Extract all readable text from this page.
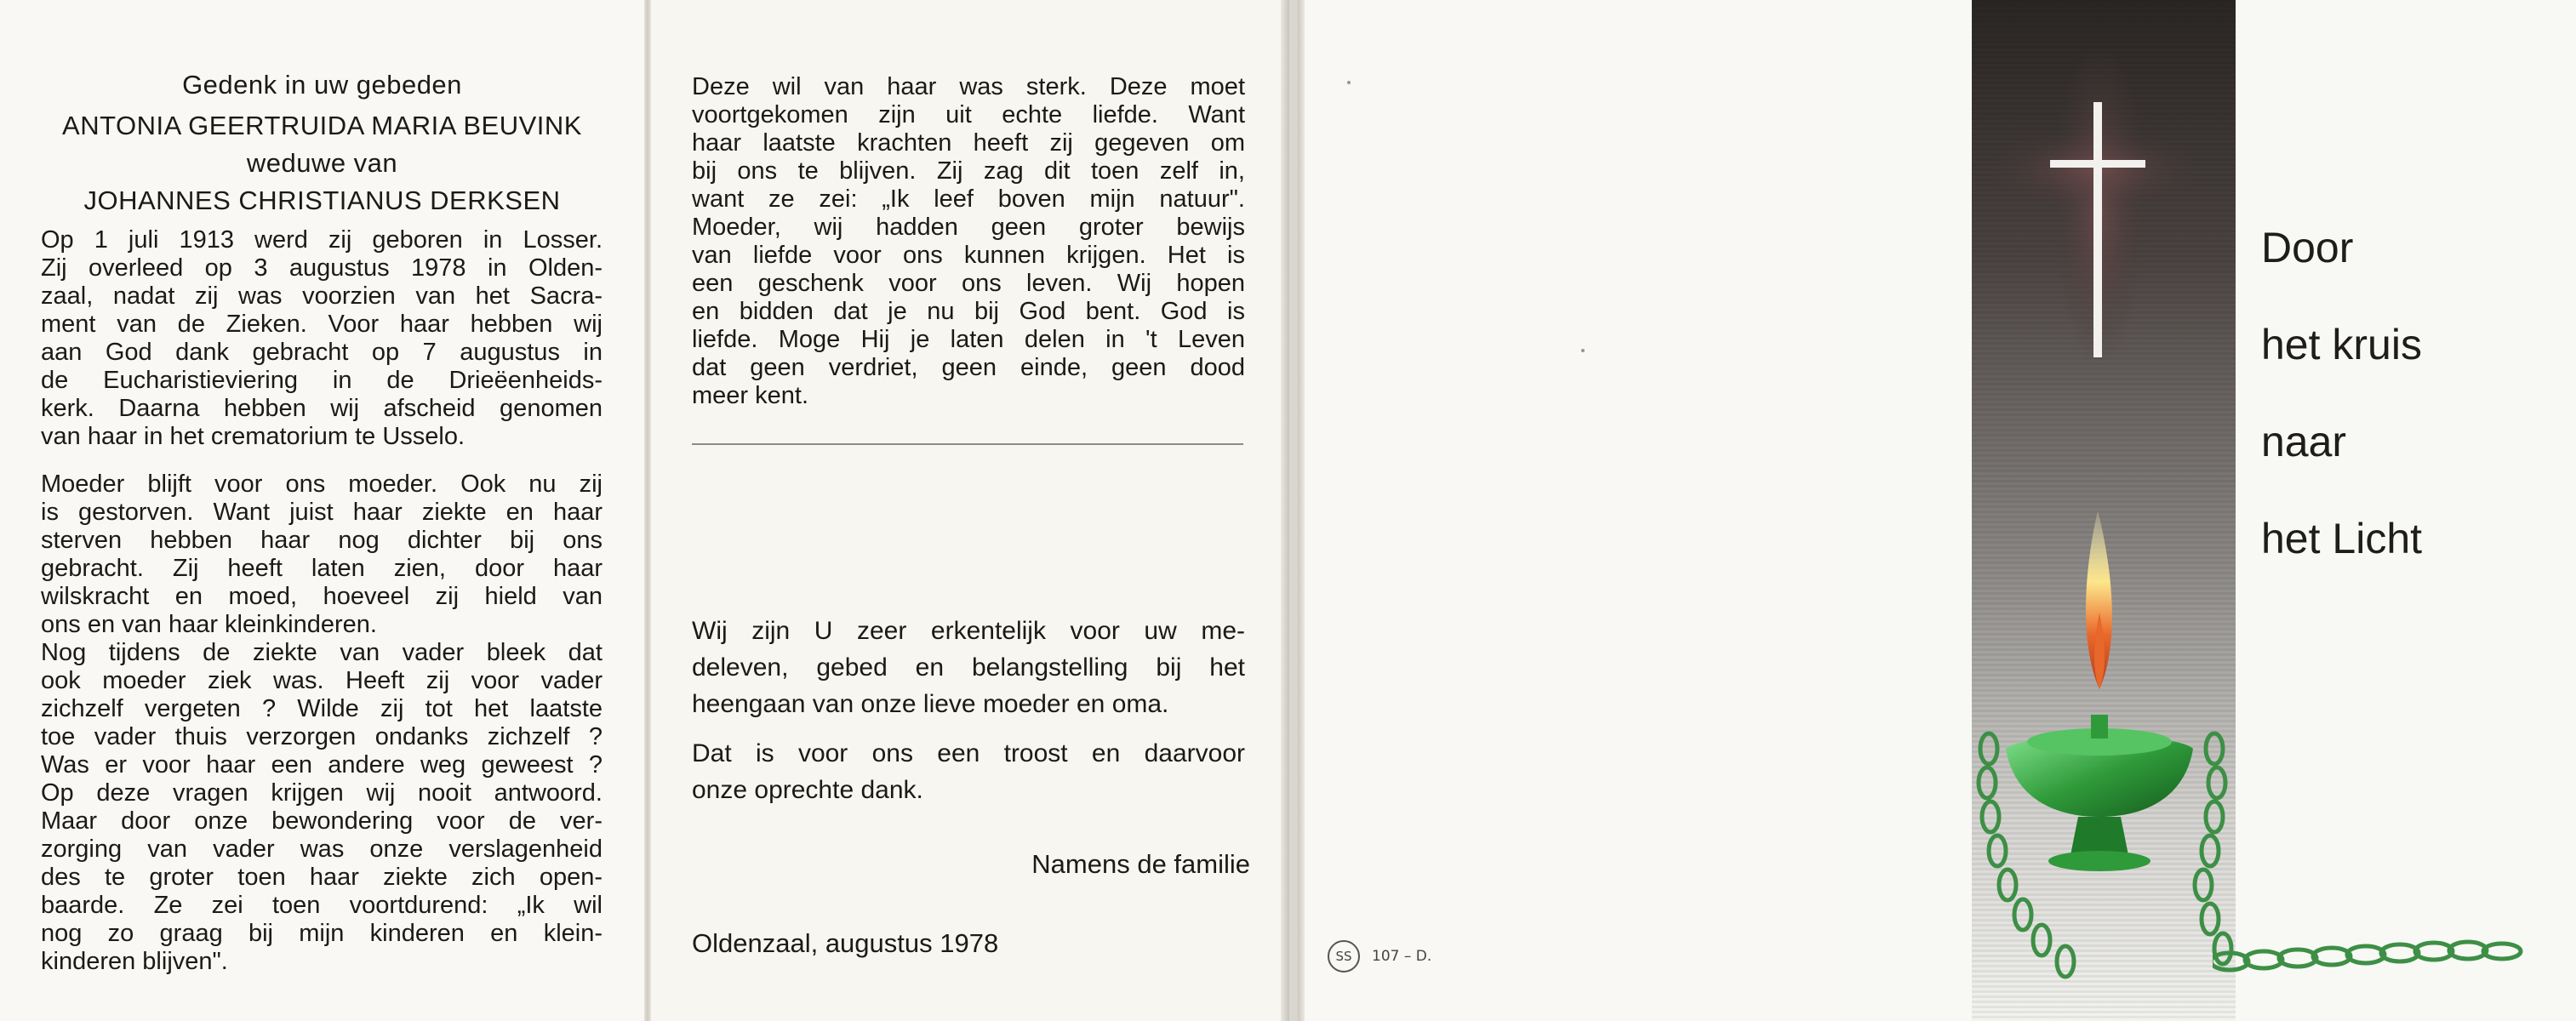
Gedenk in uw gebeden
ANTONIA GEERTRUIDA MARIA BEUVINK
weduwe van
JOHANNES CHRISTIANUS DERKSEN
Op 1 juli 1913 werd zij geboren in Losser.
Zij overleed op 3 augustus 1978 in Olden-
zaal, nadat zij was voorzien van het Sacra-
ment van de Zieken. Voor haar hebben wij
aan God dank gebracht op 7 augustus in
de Eucharistieviering in de Drieëenheids-
kerk. Daarna hebben wij afscheid genomen
van haar in het crematorium te Usselo.
Moeder blijft voor ons moeder. Ook nu zij
is gestorven. Want juist haar ziekte en haar
sterven hebben haar nog dichter bij ons
gebracht. Zij heeft laten zien, door haar
wilskracht en moed, hoeveel zij hield van
ons en van haar kleinkinderen.
Nog tijdens de ziekte van vader bleek dat
ook moeder ziek was. Heeft zij voor vader
zichzelf vergeten ? Wilde zij tot het laatste
toe vader thuis verzorgen ondanks zichzelf ?
Was er voor haar een andere weg geweest ?
Op deze vragen krijgen wij nooit antwoord.
Maar door onze bewondering voor de ver-
zorging van vader was onze verslagenheid
des te groter toen haar ziekte zich open-
baarde. Ze zei toen voortdurend: „Ik wil
nog zo graag bij mijn kinderen en klein-
kinderen blijven".
Deze wil van haar was sterk. Deze moet
voortgekomen zijn uit echte liefde. Want
haar laatste krachten heeft zij gegeven om
bij ons te blijven. Zij zag dit toen zelf in,
want ze zei: „Ik leef boven mijn natuur".
Moeder, wij hadden geen groter bewijs
van liefde voor ons kunnen krijgen. Het is
een geschenk voor ons leven. Wij hopen
en bidden dat je nu bij God bent. God is
liefde. Moge Hij je laten delen in 't Leven
dat geen verdriet, geen einde, geen dood
meer kent.
Wij zijn U zeer erkentelijk voor uw me-
deleven, gebed en belangstelling bij het
heengaan van onze lieve moeder en oma.
Dat is voor ons een troost en daarvoor
onze oprechte dank.
Namens de familie
Oldenzaal, augustus 1978	SS	107 – D.
Door
het kruis
naar
het Licht
